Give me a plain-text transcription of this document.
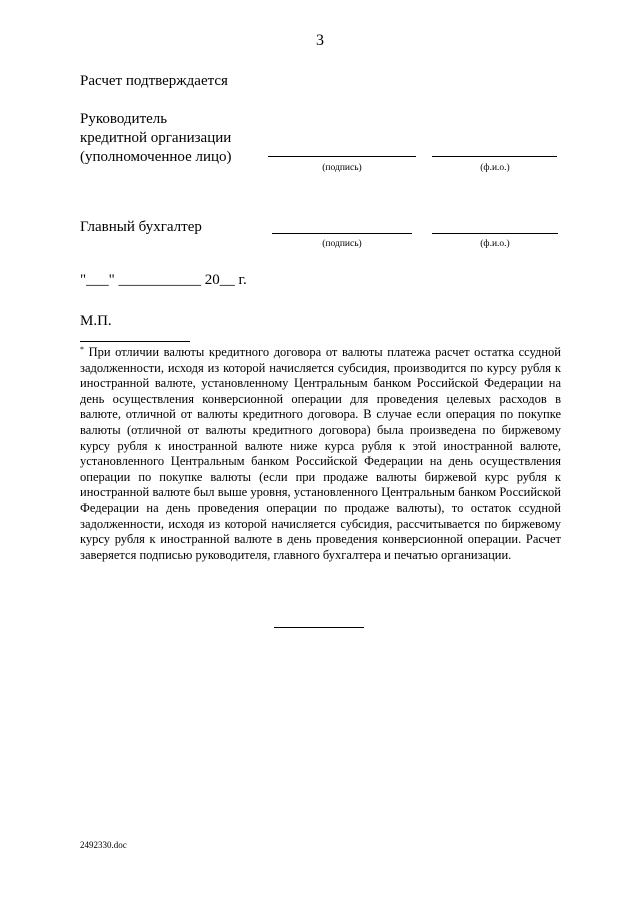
3
Расчет подтверждается
Руководитель
кредитной организации
(уполномоченное лицо)
(подпись)	(ф.и.о.)
Главный бухгалтер
(подпись)	(ф.и.о.)
"___" ___________ 20__ г.
М.П.
* При отличии валюты кредитного договора от валюты платежа расчет остатка ссудной задолженности, исходя из которой начисляется субсидия, производится по курсу рубля к иностранной валюте, установленному Центральным банком Российской Федерации на день осуществления конверсионной операции для проведения целевых расходов в валюте, отличной от валюты кредитного договора. В случае если операция по покупке валюты (отличной от валюты кредитного договора) была произведена по биржевому курсу рубля к иностранной валюте ниже курса рубля к этой иностранной валюте, установленного Центральным банком Российской Федерации на день осуществления операции по покупке валюты (если при продаже валюты биржевой курс рубля к иностранной валюте был выше уровня, установленного Центральным банком Российской Федерации на день проведения операции по продаже валюты), то остаток ссудной задолженности, исходя из которой начисляется субсидия, рассчитывается по биржевому курсу рубля к иностранной валюте в день проведения конверсионной операции. Расчет заверяется подписью руководителя, главного бухгалтера и печатью организации.
2492330.doc
